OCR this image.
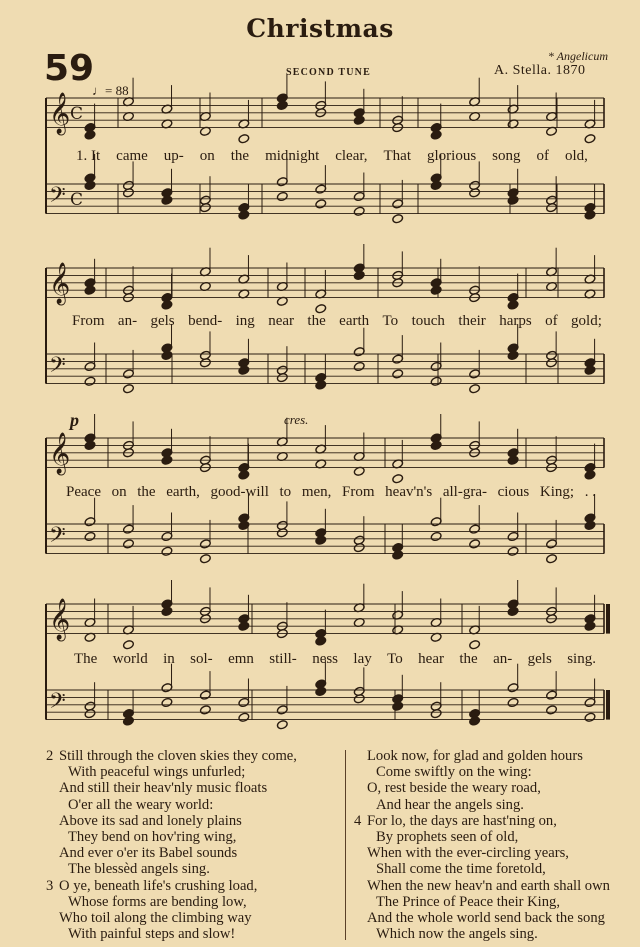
Christmas
59	* Angelicum
SECOND TUNE	A. Stella. 1870
♩= 88
𝄞 C
𝄢 C
𝄞
𝄢
𝄞
𝄢
𝄞
𝄢
p	cres.
1. It came up- on the midnight clear, That glorious song of old,
From an- gels bend- ing near the earth To touch their harps of gold;
Peace on the earth, good-will to men, From heav'n's all-gra- cious King; . .
The world in sol- emn still- ness lay To hear the an- gels sing.
2 Still through the cloven skies they come,
With peaceful wings unfurled;
And still their heav'nly music floats
O'er all the weary world:
Above its sad and lonely plains
They bend on hov'ring wing,
And ever o'er its Babel sounds
The blessèd angels sing.
3 O ye, beneath life's crushing load,
Whose forms are bending low,
Who toil along the climbing way
With painful steps and slow!
Look now, for glad and golden hours
Come swiftly on the wing:
O, rest beside the weary road,
And hear the angels sing.
4 For lo, the days are hast'ning on,
By prophets seen of old,
When with the ever-circling years,
Shall come the time foretold,
When the new heav'n and earth shall own
The Prince of Peace their King,
And the whole world send back the song
Which now the angels sing.
